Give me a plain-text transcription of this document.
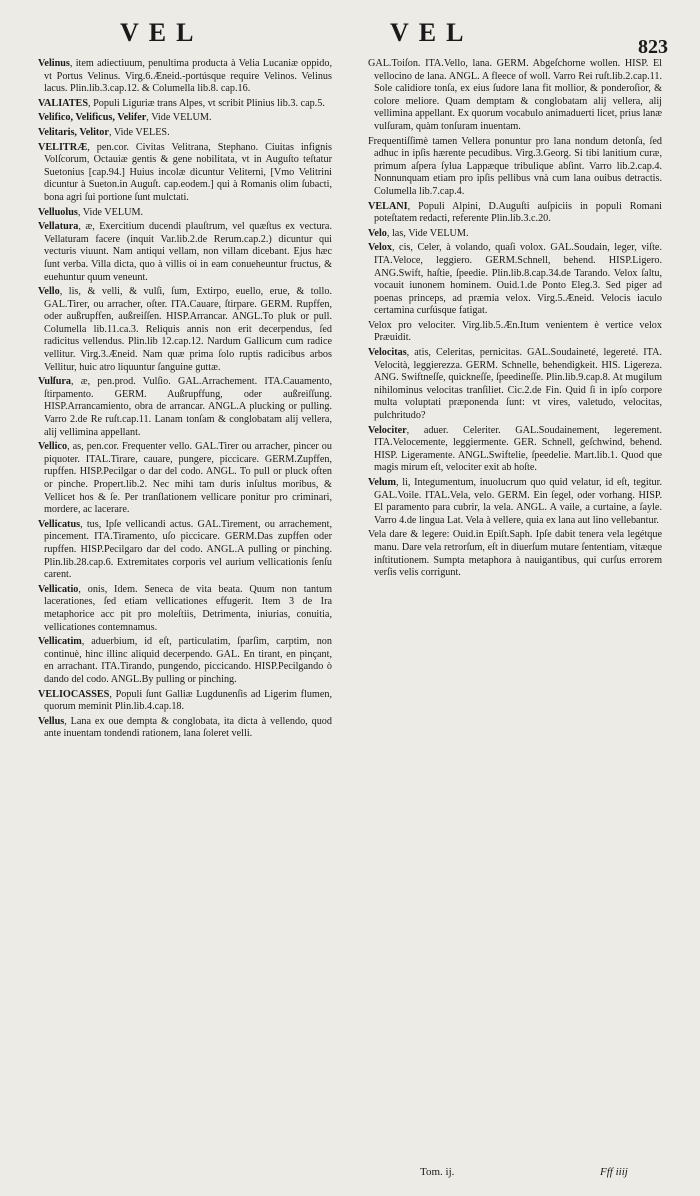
VEL	VEL	823

Velinus, item adiectiuum, penultima producta à Velia Lucaniæ oppido, vt Portus Velinus. Virg.6.Æneid.-portúsque require Velinos. Velinus lacus. Plin.lib.3.cap.12. & Columella lib.8. cap.16.

VALIATES, Populi Liguriæ trans Alpes, vt scribit Plinius lib.3. cap.5.

Velifico, Velificus, Velifer, Vide VELUM.

Velitaris, Velitor, Vide VELES.

VELITRÆ, pen.cor. Civitas Velitrana, Stephano. Ciuitas infignis Volſcorum, Octauiæ gentis & gene nobilitata, vt in Auguſto teſtatur Suetonius [cap.94.] Huius incolæ dicuntur Veliterni, [Vmo Velitrini dicuntur à Sueton.in Auguſt. cap.eodem.] qui à Romanis olim ſubacti, bona agri ſui portione ſunt mulctati.

Velluolus, Vide VELUM.

Vellatura, æ, Exercitium ducendi plauſtrum, vel quæſtus ex vectura. Vellaturam facere (inquit Var.lib.2.de Rerum.cap.2.) dicuntur qui vecturis viuunt. Nam antiqui vellam, non villam dicebant. Ejus hæc ſunt verba. Villa dicta, quo à villis oi in eam conueheuntur fructus, & euehuntur quum veneunt.

Vello, lis, & velli, & vulſi, ſum, Extirpo, euello, erue, & tollo. GAL.Tirer, ou arracher, oſter. ITA.Cauare, ſtirpare. GERM. Rupffen, oder außrupffen, außreiſſen. HISP.Arrancar. ANGL.To pluk or pull. Columella lib.11.ca.3. Reliquis annis non erit decerpendus, ſed radicitus vellendus. Plin.lib 12.cap.12. Nardum Gallicum cum radice vellitur. Virg.3.Æneid. Nam quæ prima ſolo ruptis radicibus arbos Vellitur, huic atro liquuntur ſanguine guttæ.

Vulſura, æ, pen.prod. Vulſio. GAL.Arrachement. ITA.Cauamento, ſtirpamento. GERM. Außrupffung, oder außreiſſung. HISP.Arrancamiento, obra de arrancar. ANGL.A plucking or pulling. Varro 2.de Re ruſt.cap.11. Lanam tonſam & conglobatam alij vellera, alij vellimina appellant.

Vellico, as, pen.cor. Frequenter vello. GAL.Tirer ou arracher, pincer ou piquoter. ITAL.Tirare, cauare, pungere, piccicare. GERM.Zupffen, rupffen. HISP.Pecilgar o dar del codo. ANGL. To pull or pluck often or pinche. Propert.lib.2. Nec mihi tam duris inſultus moribus, & Vellicet hos & ſe. Per tranſlationem vellicare ponitur pro criminari, mordere, ac lacerare.

Vellicatus, tus, Ipſe vellicandi actus. GAL.Tirement, ou arrachement, pincement. ITA.Tiramento, uſo piccicare. GERM.Das zupffen oder rupffen. HISP.Pecilgaro dar del codo. ANGL.A pulling or pinching. Plin.lib.28.cap.6. Extremitates corporis vel aurium vellicationis ſenſu carent.

Vellicatio, onis, Idem. Seneca de vita beata. Quum non tantum lacerationes, ſed etiam vellicationes effugerit. Item 3 de Ira metaphorice acc pit pro moleſtiis, Detrimenta, iniurias, conuitia, vellicationes contemnamus.

Vellicatim, aduerbium, id eſt, particulatim, ſparſim, carptim, non continuè, hinc illinc aliquid decerpendo. GAL. En tirant, en pinçant, en arrachant. ITA.Tirando, pungendo, piccicando. HISP.Pecilgando ò dando del codo. ANGL.By pulling or pinching.

VELIOCASSES, Populi ſunt Galliæ Lugdunenſis ad Ligerim flumen, quorum meminit Plin.lib.4.cap.18.

Vellus, Lana ex oue dempta & conglobata, ita dicta à vellendo, quod ante inuentam tondendi rationem, lana ſoleret velli.

GAL.Toiſon. ITA.Vello, lana. GERM. Abgeſchorne wollen. HISP. El vellocino de lana. ANGL. A fleece of woll. Varro Rei ruſt.lib.2.cap.11. Sole calidiore tonſa, ex eius ſudore lana fit mollior, & ponderoſior, & colore meliore. Quam demptam & conglobatam alij vellera, alij vellimina appellant. Ex quorum vocabulo animaduerti licet, prius lanæ vulſuram, quàm tonſuram inuentam.

Frequentiſſimè tamen Vellera ponuntur pro lana nondum detonſa, ſed adhuc in ipſis hærente pecudibus. Virg.3.Georg. Si tibi lanitium curæ, primum aſpera ſylua Lappæque tribulique abſint. Varro lib.2.cap.4. Nonnunquam etiam pro ipſis pellibus vnà cum lana ouibus detractis. Columella lib.7.cap.4.

VELANI, Populi Alpini, D.Auguſti auſpiciis in populi Romani poteſtatem redacti, referente Plin.lib.3.c.20.

Velo, las, Vide VELUM.

Velox, cis, Celer, à volando, quaſi volox. GAL.Soudain, leger, viſte. ITA.Veloce, leggiero. GERM.Schnell, behend. HISP.Ligero. ANG.Swift, haſtie, ſpeedie. Plin.lib.8.cap.34.de Tarando. Velox ſaltu, vocauit iunonem hominem. Ouid.1.de Ponto Eleg.3. Sed piger ad poenas princeps, ad præmia velox. Virg.5.Æneid. Velocis iaculo certamina curſúsque fatigat.

Velox pro velociter. Virg.lib.5.Æn.Itum venientem è vertice velox Præuidit.

Velocitas, atis, Celeritas, pernicitas. GAL.Soudaineté, legereté. ITA. Velocità, leggierezza. GERM. Schnelle, behendigkeit. HIS. Ligereza. ANG. Swiftneſſe, quickneſſe, ſpeedineſſe. Plin.lib.9.cap.8. At mugilum nihilominus velocitas tranſiliet. Cic.2.de Fin. Quid ſi in ipſo corpore multa voluptati præponenda ſunt: vt vires, valetudo, velocitas, pulchritudo?

Velociter, aduer. Celeriter. GAL.Soudainement, legerement. ITA.Velocemente, leggiermente. GER. Schnell, geſchwind, behend. HISP. Ligeramente. ANGL.Swiftelie, ſpeedelie. Mart.lib.1. Quod que magis mirum eſt, velociter exit ab hoſte.

Velum, li, Integumentum, inuolucrum quo quid velatur, id eſt, tegitur. GAL.Voile. ITAL.Vela, velo. GERM. Ein ſegel, oder vorhang. HISP. El paramento para cubrir, la vela. ANGL. A vaile, a curtaine, a ſayle. Varro 4.de lingua Lat. Vela à vellere, quia ex lana aut lino vellebantur.

Vela dare & legere: Ouid.in Epiſt.Saph. Ipſe dabit tenera vela legétque manu. Dare vela retrorſum, eſt in diuerſum mutare ſententiam, vitæque inſtitutionem. Sumpta metaphora à nauigantibus, qui curſus errorem verſis velis corrigunt.

Tom. ij.	Fff iiij
